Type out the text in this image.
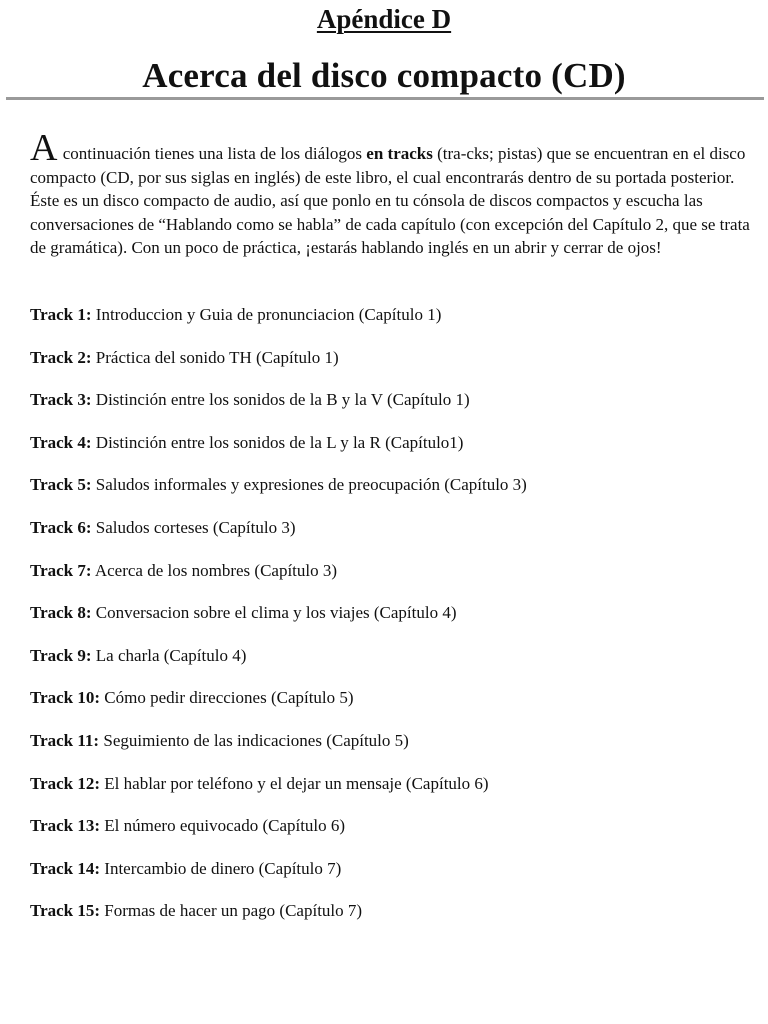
Apéndice D
Acerca del disco compacto (CD)

A continuación tienes una lista de los diálogos en tracks (tra-cks; pistas) que se encuentran en el disco compacto (CD, por sus siglas en inglés) de este libro, el cual encontrarás dentro de su portada posterior. Éste es un disco compacto de audio, así que ponlo en tu cónsola de discos compactos y escucha las conversaciones de “Hablando como se habla” de cada capítulo (con excepción del Capítulo 2, que se trata de gramática). Con un poco de práctica, ¡estarás hablando inglés en un abrir y cerrar de ojos!

Track 1: Introduccion y Guia de pronunciacion (Capítulo 1)
Track 2: Práctica del sonido TH (Capítulo 1)
Track 3: Distinción entre los sonidos de la B y la V (Capítulo 1)
Track 4: Distinción entre los sonidos de la L y la R (Capítulo1)
Track 5: Saludos informales y expresiones de preocupación (Capítulo 3)
Track 6: Saludos corteses (Capítulo 3)
Track 7: Acerca de los nombres (Capítulo 3)
Track 8: Conversacion sobre el clima y los viajes (Capítulo 4)
Track 9: La charla (Capítulo 4)
Track 10: Cómo pedir direcciones (Capítulo 5)
Track 11: Seguimiento de las indicaciones (Capítulo 5)
Track 12: El hablar por teléfono y el dejar un mensaje (Capítulo 6)
Track 13: El número equivocado (Capítulo 6)
Track 14: Intercambio de dinero (Capítulo 7)
Track 15: Formas de hacer un pago (Capítulo 7)
